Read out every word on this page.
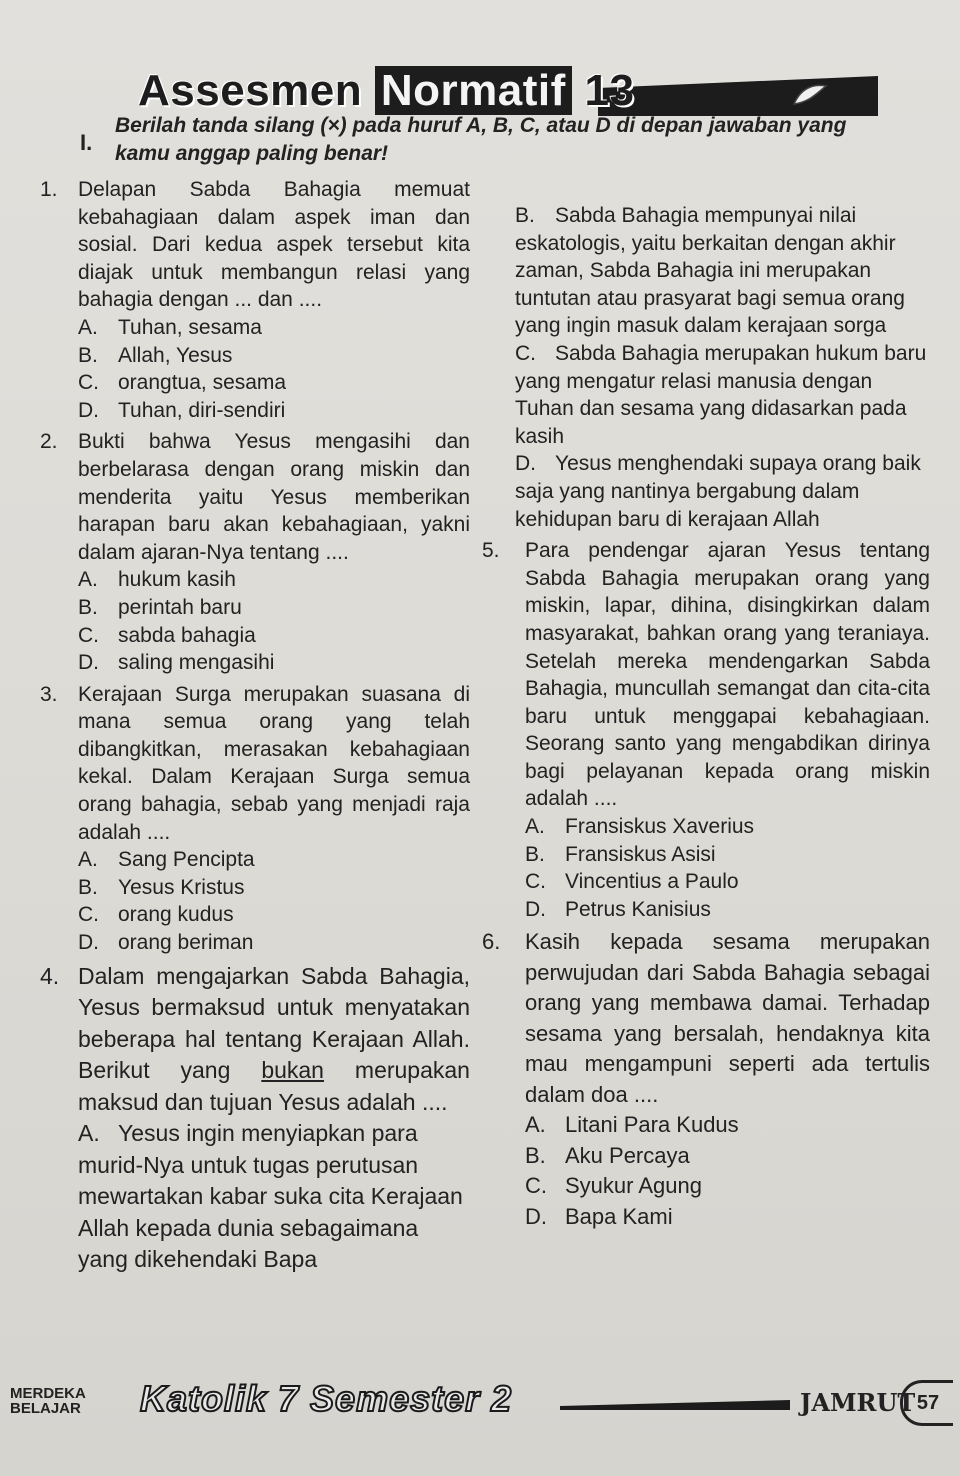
Assesmen Normatif 13
I.
Berilah tanda silang (×) pada huruf A, B, C, atau D di depan jawaban yang kamu anggap paling benar!
1. Delapan Sabda Bahagia memuat kebahagiaan dalam aspek iman dan sosial. Dari kedua aspek tersebut kita diajak untuk membangun relasi yang bahagia dengan ... dan ....
A. Tuhan, sesama
B. Allah, Yesus
C. orangtua, sesama
D. Tuhan, diri-sendiri
2. Bukti bahwa Yesus mengasihi dan berbelarasa dengan orang miskin dan menderita yaitu Yesus memberikan harapan baru akan kebahagiaan, yakni dalam ajaran-Nya tentang ....
A. hukum kasih
B. perintah baru
C. sabda bahagia
D. saling mengasihi
3. Kerajaan Surga merupakan suasana di mana semua orang yang telah dibangkitkan, merasakan kebahagiaan kekal. Dalam Kerajaan Surga semua orang bahagia, sebab yang menjadi raja adalah ....
A. Sang Pencipta
B. Yesus Kristus
C. orang kudus
D. orang beriman
4. Dalam mengajarkan Sabda Bahagia, Yesus bermaksud untuk menyatakan beberapa hal tentang Kerajaan Allah. Berikut yang bukan merupakan maksud dan tujuan Yesus adalah ....
A. Yesus ingin menyiapkan para murid-Nya untuk tugas perutusan mewartakan kabar suka cita Kerajaan Allah kepada dunia sebagaimana yang dikehendaki Bapa
B. Sabda Bahagia mempunyai nilai eskatologis, yaitu berkaitan dengan akhir zaman, Sabda Bahagia ini merupakan tuntutan atau prasyarat bagi semua orang yang ingin masuk dalam kerajaan sorga
C. Sabda Bahagia merupakan hukum baru yang mengatur relasi manusia dengan Tuhan dan sesama yang didasarkan pada kasih
D. Yesus menghendaki supaya orang baik saja yang nantinya bergabung dalam kehidupan baru di kerajaan Allah
5. Para pendengar ajaran Yesus tentang Sabda Bahagia merupakan orang yang miskin, lapar, dihina, disingkirkan dalam masyarakat, bahkan orang yang teraniaya. Setelah mereka mendengarkan Sabda Bahagia, muncullah semangat dan cita-cita baru untuk menggapai kebahagiaan. Seorang santo yang mengabdikan dirinya bagi pelayanan kepada orang miskin adalah ....
A. Fransiskus Xaverius
B. Fransiskus Asisi
C. Vincentius a Paulo
D. Petrus Kanisius
6. Kasih kepada sesama merupakan perwujudan dari Sabda Bahagia sebagai orang yang membawa damai. Terhadap sesama yang bersalah, hendaknya kita mau mengampuni seperti ada tertulis dalam doa ....
A. Litani Para Kudus
B. Aku Percaya
C. Syukur Agung
D. Bapa Kami
MERDEKA
BELAJAR Katolik 7 Semester 2	JAMRUT 57
